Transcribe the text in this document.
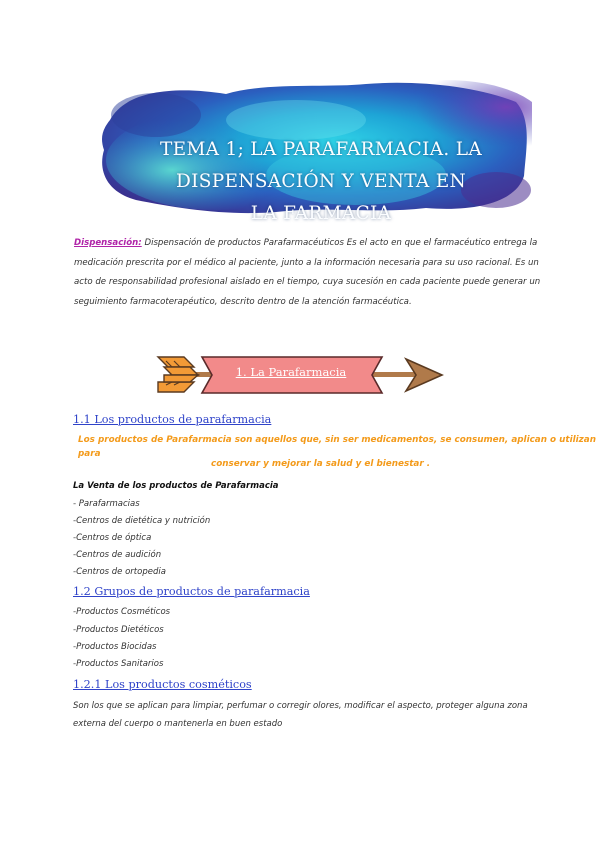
TEMA 1; LA PARAFARMACIA. LA DISPENSACIÓN Y VENTA EN
LA FARMACIA
Dispensación: Dispensación de productos Parafarmacéuticos Es el acto en que el farmacéutico entrega la medicación prescrita por el médico al paciente, junto a la información necesaria para su uso racional. Es un acto de responsabilidad profesional aislado en el tiempo, cuya sucesión en cada paciente puede generar un seguimiento farmacoterapéutico, descrito dentro de la atención farmacéutica.
1. La Parafarmacia
1.1 Los productos de parafarmacia
Los productos de Parafarmacia son aquellos que, sin ser medicamentos, se consumen, aplican o utilizan para
conservar y mejorar la salud y el bienestar .
La Venta de los productos de Parafarmacia
- Parafarmacias
-Centros de dietética y nutrición
-Centros de óptica
-Centros de audición
-Centros de ortopedia
1.2 Grupos de productos de parafarmacia
-Productos Cosméticos
-Productos Dietéticos
-Productos Biocidas
-Productos Sanitarios
1.2.1 Los productos cosméticos
Son los que se aplican para limpiar, perfumar o corregir olores, modificar el aspecto, proteger alguna zona
externa del cuerpo o mantenerla en buen estado
